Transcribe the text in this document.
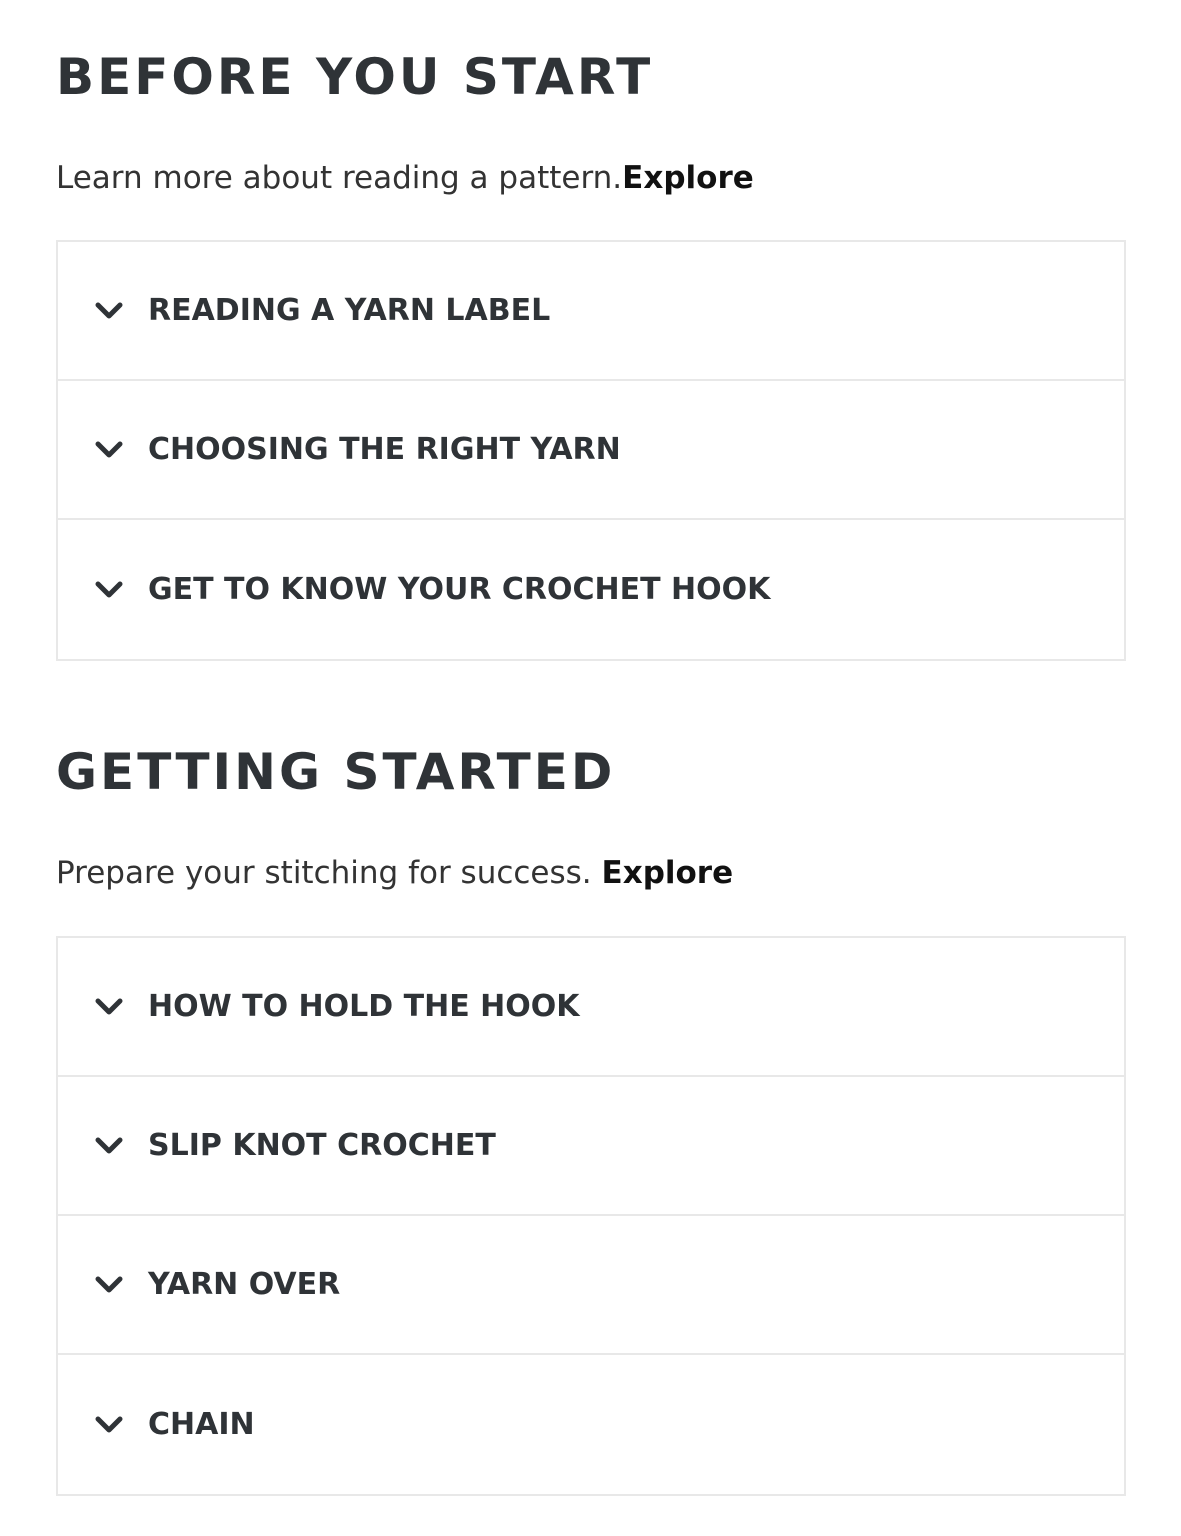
BEFORE YOU START

Learn more about reading a pattern.Explore

READING A YARN LABEL
CHOOSING THE RIGHT YARN
GET TO KNOW YOUR CROCHET HOOK
GETTING STARTED

Prepare your stitching for success. Explore

HOW TO HOLD THE HOOK
SLIP KNOT CROCHET
YARN OVER
CHAIN
